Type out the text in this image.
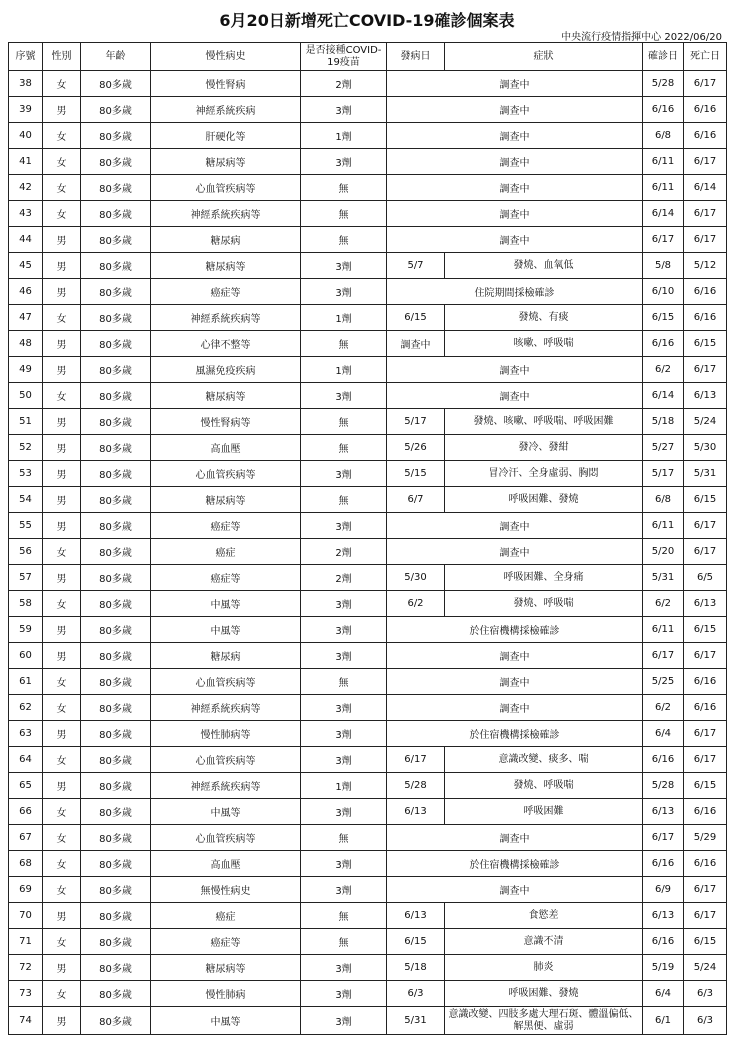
6月20日新增死亡COVID-19確診個案表
中央流行疫情指揮中心 2022/06/20
序號	性別	年齡	慢性病史	是否接種COVID-19疫苗	發病日	症狀	確診日	死亡日
38	女	80多歲	慢性腎病	2劑	調查中		5/28	6/17
39	男	80多歲	神經系統疾病	3劑	調查中		6/16	6/16
40	女	80多歲	肝硬化等	1劑	調查中		6/8	6/16
41	女	80多歲	糖尿病等	3劑	調查中		6/11	6/17
42	女	80多歲	心血管疾病等	無	調查中		6/11	6/14
43	女	80多歲	神經系統疾病等	無	調查中		6/14	6/17
44	男	80多歲	糖尿病	無	調查中		6/17	6/17
45	男	80多歲	糖尿病等	3劑	5/7	發燒、血氧低	5/8	5/12
46	男	80多歲	癌症等	3劑	住院期間採檢確診		6/10	6/16
47	女	80多歲	神經系統疾病等	1劑	6/15	發燒、有痰	6/15	6/16
48	男	80多歲	心律不整等	無	調查中	咳嗽、呼吸喘	6/16	6/15
49	男	80多歲	風濕免疫疾病	1劑	調查中		6/2	6/17
50	女	80多歲	糖尿病等	3劑	調查中		6/14	6/13
51	男	80多歲	慢性腎病等	無	5/17	發燒、咳嗽、呼吸喘、呼吸困難	5/18	5/24
52	男	80多歲	高血壓	無	5/26	發冷、發紺	5/27	5/30
53	男	80多歲	心血管疾病等	3劑	5/15	冒冷汗、全身虛弱、胸悶	5/17	5/31
54	男	80多歲	糖尿病等	無	6/7	呼吸困難、發燒	6/8	6/15
55	男	80多歲	癌症等	3劑	調查中		6/11	6/17
56	女	80多歲	癌症	2劑	調查中		5/20	6/17
57	男	80多歲	癌症等	2劑	5/30	呼吸困難、全身痛	5/31	6/5
58	女	80多歲	中風等	3劑	6/2	發燒、呼吸喘	6/2	6/13
59	男	80多歲	中風等	3劑	於住宿機構採檢確診		6/11	6/15
60	男	80多歲	糖尿病	3劑	調查中		6/17	6/17
61	女	80多歲	心血管疾病等	無	調查中		5/25	6/16
62	女	80多歲	神經系統疾病等	3劑	調查中		6/2	6/16
63	男	80多歲	慢性肺病等	3劑	於住宿機構採檢確診		6/4	6/17
64	女	80多歲	心血管疾病等	3劑	6/17	意識改變、痰多、喘	6/16	6/17
65	男	80多歲	神經系統疾病等	1劑	5/28	發燒、呼吸喘	5/28	6/15
66	女	80多歲	中風等	3劑	6/13	呼吸困難	6/13	6/16
67	女	80多歲	心血管疾病等	無	調查中		6/17	5/29
68	女	80多歲	高血壓	3劑	於住宿機構採檢確診		6/16	6/16
69	女	80多歲	無慢性病史	3劑	調查中		6/9	6/17
70	男	80多歲	癌症	無	6/13	食慾差	6/13	6/17
71	女	80多歲	癌症等	無	6/15	意識不清	6/16	6/15
72	男	80多歲	糖尿病等	3劑	5/18	肺炎	5/19	5/24
73	女	80多歲	慢性肺病	3劑	6/3	呼吸困難、發燒	6/4	6/3
74	男	80多歲	中風等	3劑	5/31	意識改變、四肢多處大理石斑、體溫偏低、解黑便、虛弱	6/1	6/3
